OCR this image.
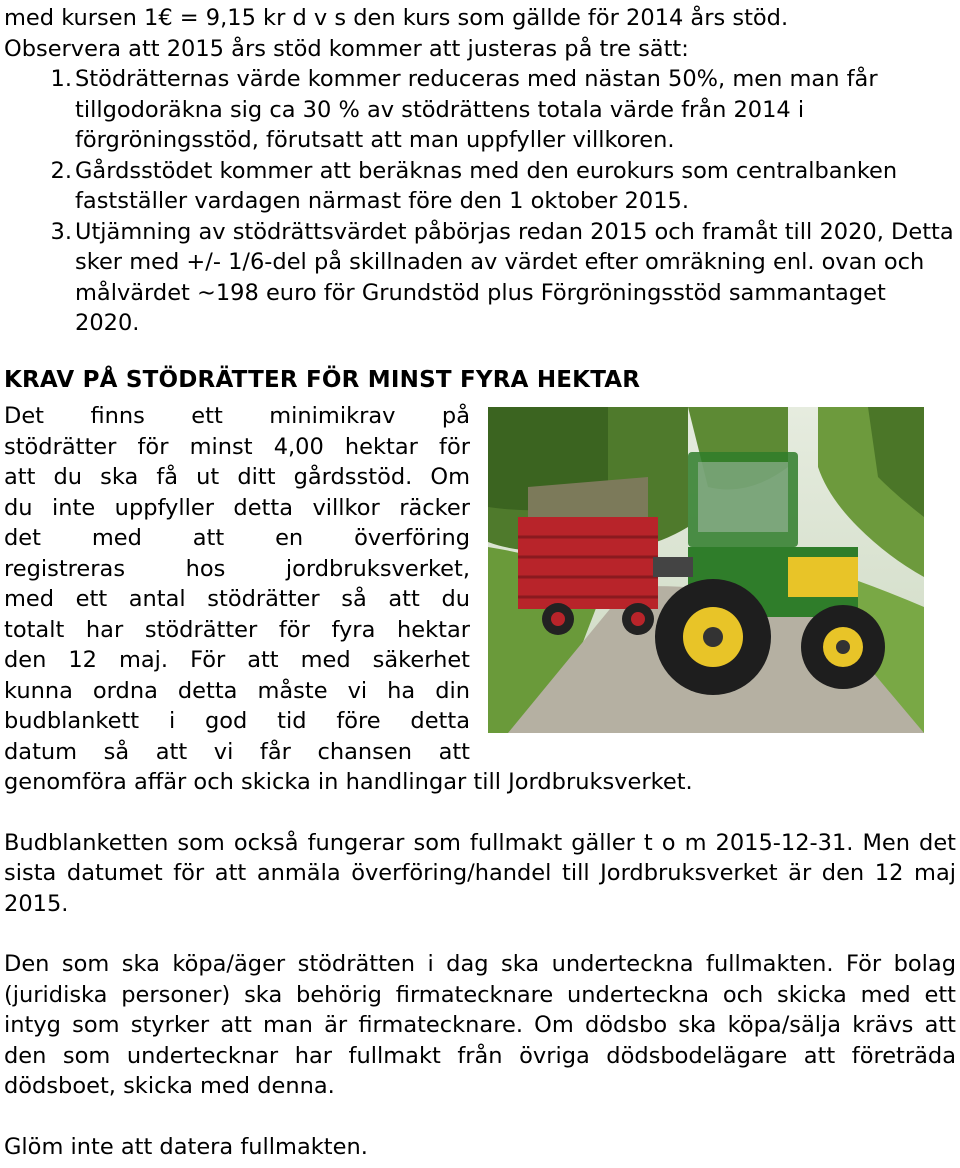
med kursen 1€ = 9,15 kr d v s den kurs som gällde för 2014 års stöd.

Observera att 2015 års stöd kommer att justeras på tre sätt:

1. Stödrätternas värde kommer reduceras med nästan 50%, men man får tillgodoräkna sig ca 30 % av stödrättens totala värde från 2014 i förgröningsstöd, förutsatt att man uppfyller villkoren.
2. Gårdsstödet kommer att beräknas med den eurokurs som centralbanken fastställer vardagen närmast före den 1 oktober 2015.
3. Utjämning av stödrättsvärdet påbörjas redan 2015 och framåt till 2020, Detta sker med +/- 1/6-del på skillnaden av värdet efter omräkning enl. ovan och målvärdet ~198 euro för Grundstöd plus Förgröningsstöd sammantaget 2020.
KRAV PÅ STÖDRÄTTER FÖR MINST FYRA HEKTAR
Det finns ett minimikrav på
stödrätter för minst 4,00 hektar för
att du ska få ut ditt gårdsstöd. Om
du inte uppfyller detta villkor räcker
det med att en överföring
registreras hos jordbruksverket,
med ett antal stödrätter så att du
totalt har stödrätter för fyra hektar
den 12 maj. För att med säkerhet
kunna ordna detta måste vi ha din
budblankett i god tid före detta
datum så att vi får chansen att
genomföra affär och skicka in handlingar till Jordbruksverket.

Budblanketten som också fungerar som fullmakt gäller t o m 2015-12-31. Men det sista datumet för att anmäla överföring/handel till Jordbruksverket är den 12 maj 2015.

Den som ska köpa/äger stödrätten i dag ska underteckna fullmakten. För bolag (juridiska personer) ska behörig firmatecknare underteckna och skicka med ett intyg som styrker att man är firmatecknare. Om dödsbo ska köpa/sälja krävs att den som undertecknar har fullmakt från övriga dödsbodelägare att företräda dödsboet, skicka med denna.

Glöm inte att datera fullmakten.
